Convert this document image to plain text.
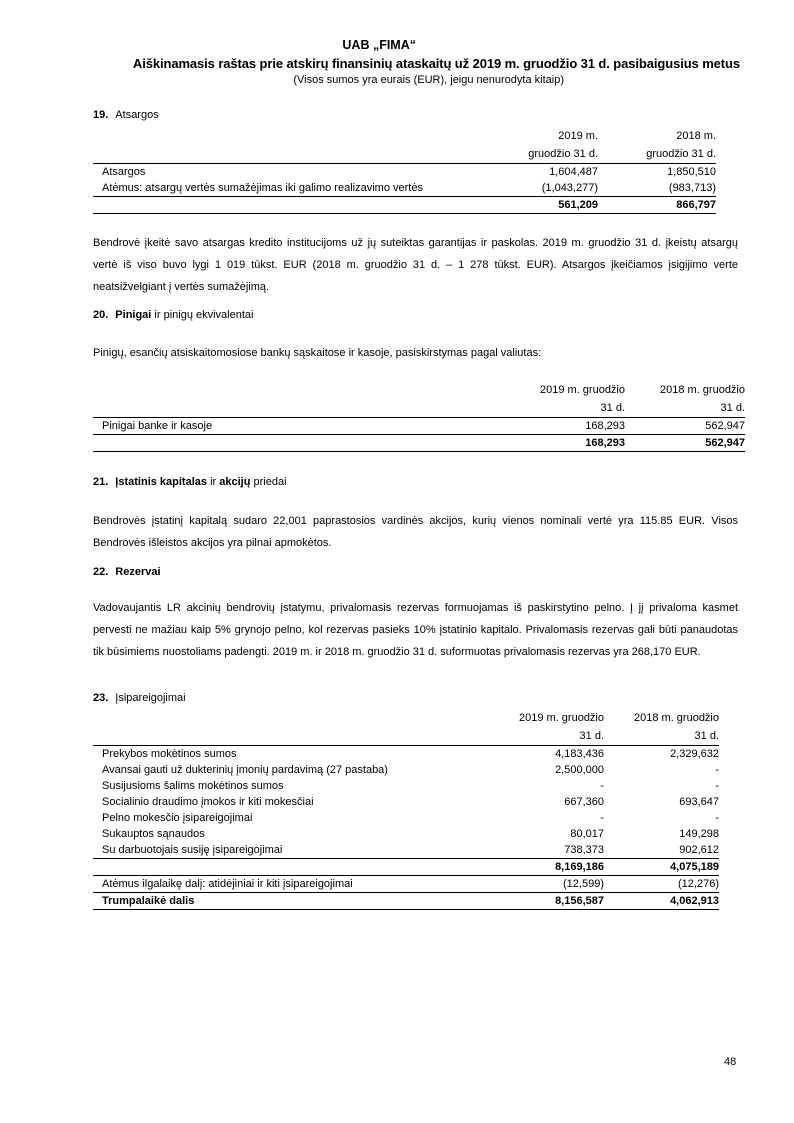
UAB „FIMA“
Aiškinamasis raštas prie atskirų finansinių ataskaitų už 2019 m. gruodžio 31 d. pasibaigusius metus
(Visos sumos yra eurais (EUR), jeigu nenurodyta kitaip)
19. Atsargos
	2019 m.	2018 m.
	gruodžio 31 d.	gruodžio 31 d.
Atsargos	1,604,487	1,850,510
Atėmus: atsargų vertės sumažėjimas iki galimo realizavimo vertės	(1,043,277)	(983,713)
	561,209	866,797
Bendrovė įkeitė savo atsargas kredito institucijoms už jų suteiktas garantijas ir paskolas. 2019 m. gruodžio 31 d. įkeistų atsargų vertė iš viso buvo lygi 1 019 tūkst. EUR (2018 m. gruodžio 31 d. – 1 278 tūkst. EUR). Atsargos įkeičiamos įsigijimo verte neatsižvelgiant į vertės sumažėjimą.
20. Pinigai ir pinigų ekvivalentai
Pinigų, esančių atsiskaitomosiose bankų sąskaitose ir kasoje, pasiskirstymas pagal valiutas:
	2019 m. gruodžio	2018 m. gruodžio
	31 d.	31 d.
Pinigai banke ir kasoje	168,293	562,947
	168,293	562,947
21. Įstatinis kapitalas ir akcijų priedai
Bendrovės įstatinį kapitalą sudaro 22,001 paprastosios vardinės akcijos, kurių vienos nominali vertė yra 115.85 EUR. Visos Bendrovės išleistos akcijos yra pilnai apmokėtos.
22. Rezervai
Vadovaujantis LR akcinių bendrovių įstatymu, privalomasis rezervas formuojamas iš paskirstytino pelno. Į jį privaloma kasmet pervesti ne mažiau kaip 5% grynojo pelno, kol rezervas pasieks 10% įstatinio kapitalo. Privalomasis rezervas gali būti panaudotas tik būsimiems nuostoliams padengti. 2019 m. ir 2018 m. gruodžio 31 d. suformuotas privalomasis rezervas yra 268,170 EUR.
23. Įsipareigojimai
	2019 m. gruodžio	2018 m. gruodžio
	31 d.	31 d.
Prekybos mokėtinos sumos	4,183,436	2,329,632
Avansai gauti už dukterinių įmonių pardavimą (27 pastaba)	2,500,000	-
Susijusioms šalims mokėtinos sumos	-	-
Socialinio draudimo įmokos ir kiti mokesčiai	667,360	693,647
Pelno mokesčio įsipareigojimai	-	-
Sukauptos sąnaudos	80,017	149,298
Su darbuotojais susiję įsipareigojimai	738,373	902,612
	8,169,186	4,075,189
Atėmus ilgalaikę dalį: atidėjiniai ir kiti įsipareigojimai	(12,599)	(12,276)
Trumpalaikė dalis	8,156,587	4,062,913
48
